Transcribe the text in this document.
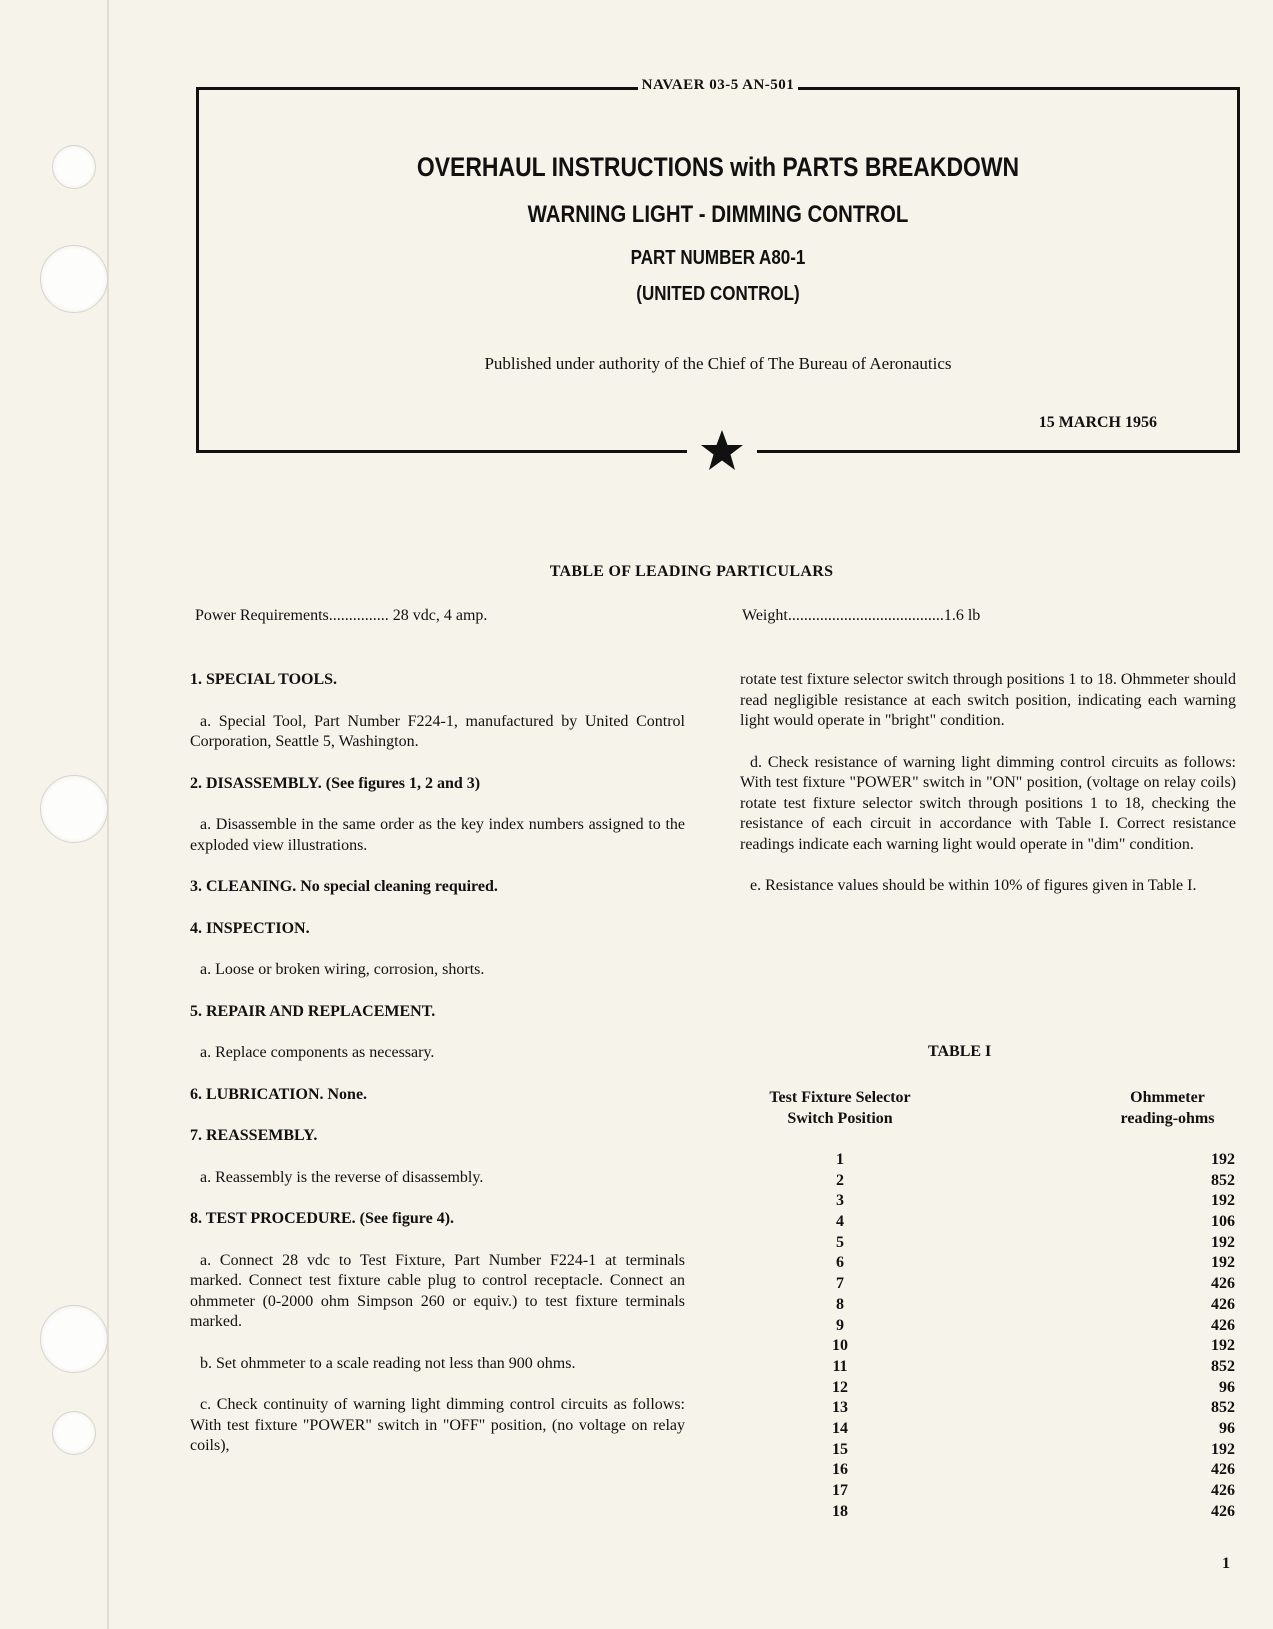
NAVAER 03-5 AN-501
OVERHAUL INSTRUCTIONS with PARTS BREAKDOWN
WARNING LIGHT - DIMMING CONTROL
PART NUMBER A80-1
(UNITED CONTROL)
Published under authority of the Chief of The Bureau of Aeronautics
15 MARCH 1956
TABLE OF LEADING PARTICULARS
Power Requirements............... 28 vdc, 4 amp.	Weight.......................................1.6 lb

1. SPECIAL TOOLS.

a. Special Tool, Part Number F224-1, manufactured by United Control Corporation, Seattle 5, Washington.

2. DISASSEMBLY. (See figures 1, 2 and 3)

a. Disassemble in the same order as the key index numbers assigned to the exploded view illustrations.

3. CLEANING. No special cleaning required.

4. INSPECTION.

a. Loose or broken wiring, corrosion, shorts.

5. REPAIR AND REPLACEMENT.

a. Replace components as necessary.

6. LUBRICATION. None.

7. REASSEMBLY.

a. Reassembly is the reverse of disassembly.

8. TEST PROCEDURE. (See figure 4).

a. Connect 28 vdc to Test Fixture, Part Number F224-1 at terminals marked. Connect test fixture cable plug to control receptacle. Connect an ohmmeter (0-2000 ohm Simpson 260 or equiv.) to test fixture terminals marked.

b. Set ohmmeter to a scale reading not less than 900 ohms.

c. Check continuity of warning light dimming control circuits as follows: With test fixture "POWER" switch in "OFF" position, (no voltage on relay coils),

rotate test fixture selector switch through positions 1 to 18. Ohmmeter should read negligible resistance at each switch position, indicating each warning light would operate in "bright" condition.

d. Check resistance of warning light dimming control circuits as follows: With test fixture "POWER" switch in "ON" position, (voltage on relay coils) rotate test fixture selector switch through positions 1 to 18, checking the resistance of each circuit in accordance with Table I. Correct resistance readings indicate each warning light would operate in "dim" condition.

e. Resistance values should be within 10% of figures given in Table I.

TABLE I
Test Fixture Selector
Switch Position
Ohmmeter
reading-ohms
1	192
2	852
3	192
4	106
5	192
6	192
7	426
8	426
9	426
10	192
11	852
12	96
13	852
14	96
15	192
16	426
17	426
18	426
1
